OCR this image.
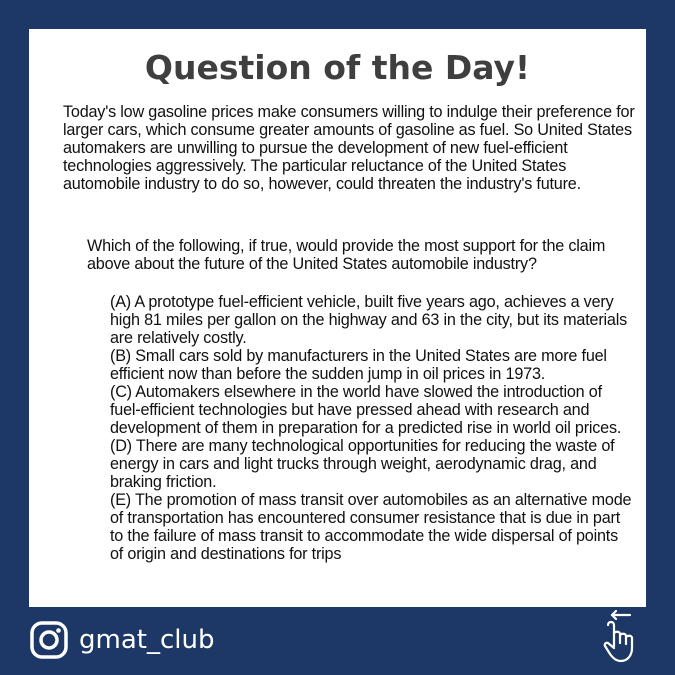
Question of the Day!

Today's low gasoline prices make consumers willing to indulge their preference for larger cars, which consume greater amounts of gasoline as fuel. So United States automakers are unwilling to pursue the development of new fuel-efficient technologies aggressively. The particular reluctance of the United States automobile industry to do so, however, could threaten the industry's future.

Which of the following, if true, would provide the most support for the claim above about the future of the United States automobile industry?

(A) A prototype fuel-efficient vehicle, built five years ago, achieves a very high 81 miles per gallon on the highway and 63 in the city, but its materials are relatively costly.
(B) Small cars sold by manufacturers in the United States are more fuel efficient now than before the sudden jump in oil prices in 1973.
(C) Automakers elsewhere in the world have slowed the introduction of fuel-efficient technologies but have pressed ahead with research and development of them in preparation for a predicted rise in world oil prices.
(D) There are many technological opportunities for reducing the waste of energy in cars and light trucks through weight, aerodynamic drag, and braking friction.
(E) The promotion of mass transit over automobiles as an alternative mode of transportation has encountered consumer resistance that is due in part to the failure of mass transit to accommodate the wide dispersal of points of origin and destinations for trips
gmat_club
